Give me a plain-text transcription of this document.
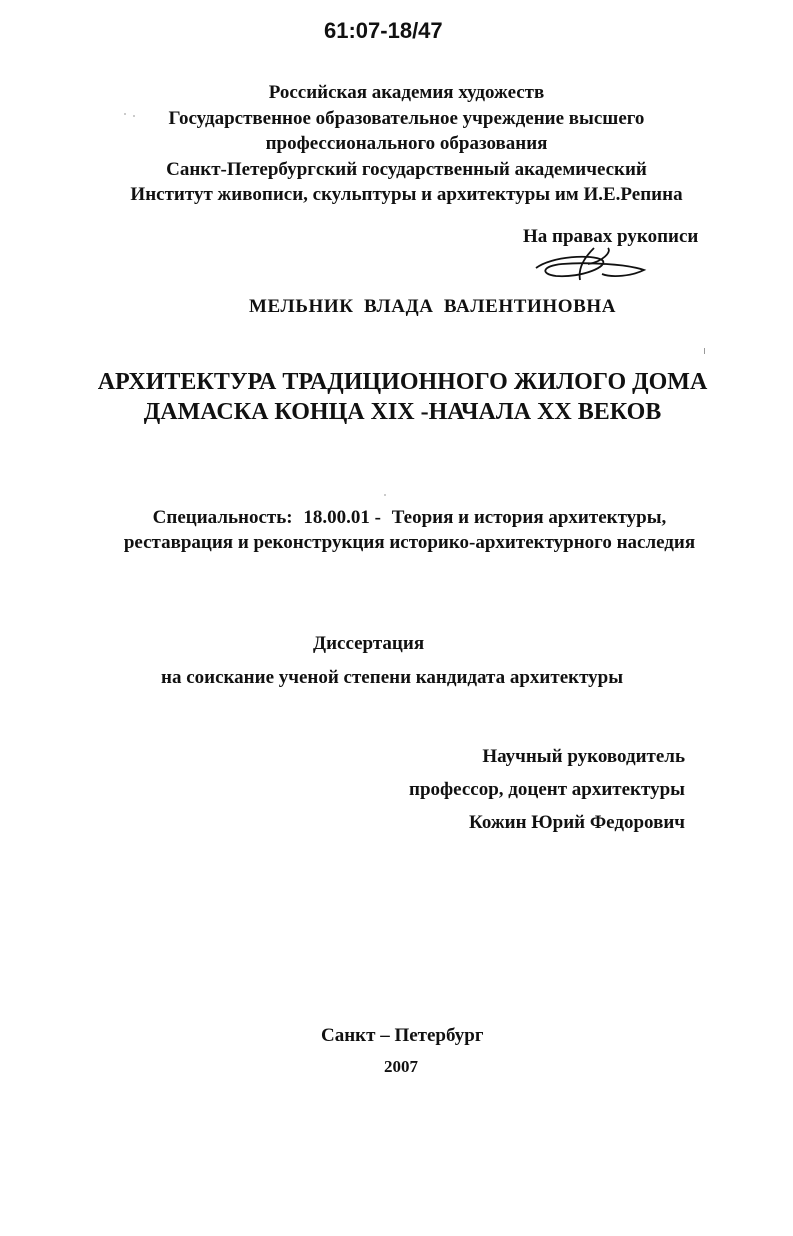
61:07-18/47
Российская академия художеств
Государственное образовательное учреждение высшего
профессионального образования
Санкт-Петербургский государственный академический
Институт живописи, скульптуры и архитектуры им И.Е.Репина
На правах рукописи
МЕЛЬНИК ВЛАДА ВАЛЕНТИНОВНА
АРХИТЕКТУРА ТРАДИЦИОННОГО ЖИЛОГО ДОМА
ДАМАСКА КОНЦА XIX -НАЧАЛА XX ВЕКОВ
Специальность: 18.00.01 - Теория и история архитектуры,
реставрация и реконструкция историко-архитектурного наследия
Диссертация
на соискание ученой степени кандидата архитектуры
Научный руководитель
профессор, доцент архитектуры
Кожин Юрий Федорович
Санкт – Петербург
2007
